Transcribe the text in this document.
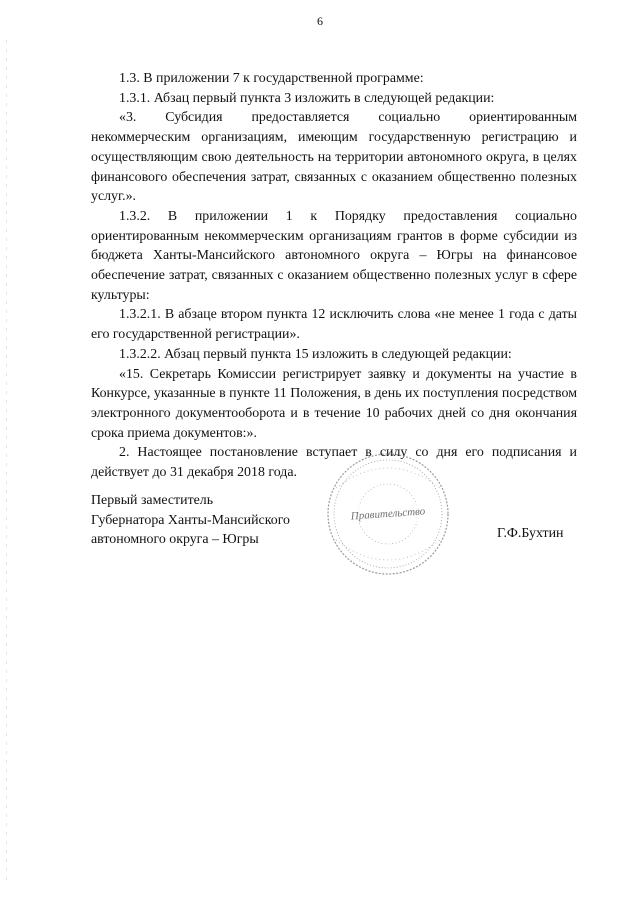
6

1.3. В приложении 7 к государственной программе:

1.3.1. Абзац первый пункта 3 изложить в следующей редакции:

«3. Субсидия предоставляется социально ориентированным некоммерческим организациям, имеющим государственную регистрацию и осуществляющим свою деятельность на территории автономного округа, в целях финансового обеспечения затрат, связанных с оказанием общественно полезных услуг.».

1.3.2. В приложении 1 к Порядку предоставления социально ориентированным некоммерческим организациям грантов в форме субсидии из бюджета Ханты-Мансийского автономного округа – Югры на финансовое обеспечение затрат, связанных с оказанием общественно полезных услуг в сфере культуры:

1.3.2.1. В абзаце втором пункта 12 исключить слова «не менее 1 года с даты его государственной регистрации».

1.3.2.2. Абзац первый пункта 15 изложить в следующей редакции:

«15. Секретарь Комиссии регистрирует заявку и документы на участие в Конкурсе, указанные в пункте 11 Положения, в день их поступления посредством электронного документооборота и в течение 10 рабочих дней со дня окончания срока приема документов:».

2. Настоящее постановление вступает в силу со дня его подписания и действует до 31 декабря 2018 года.

Первый заместитель
Губернатора Ханты-Мансийского
автономного округа – Югры
Правительство
Г.Ф.Бухтин
